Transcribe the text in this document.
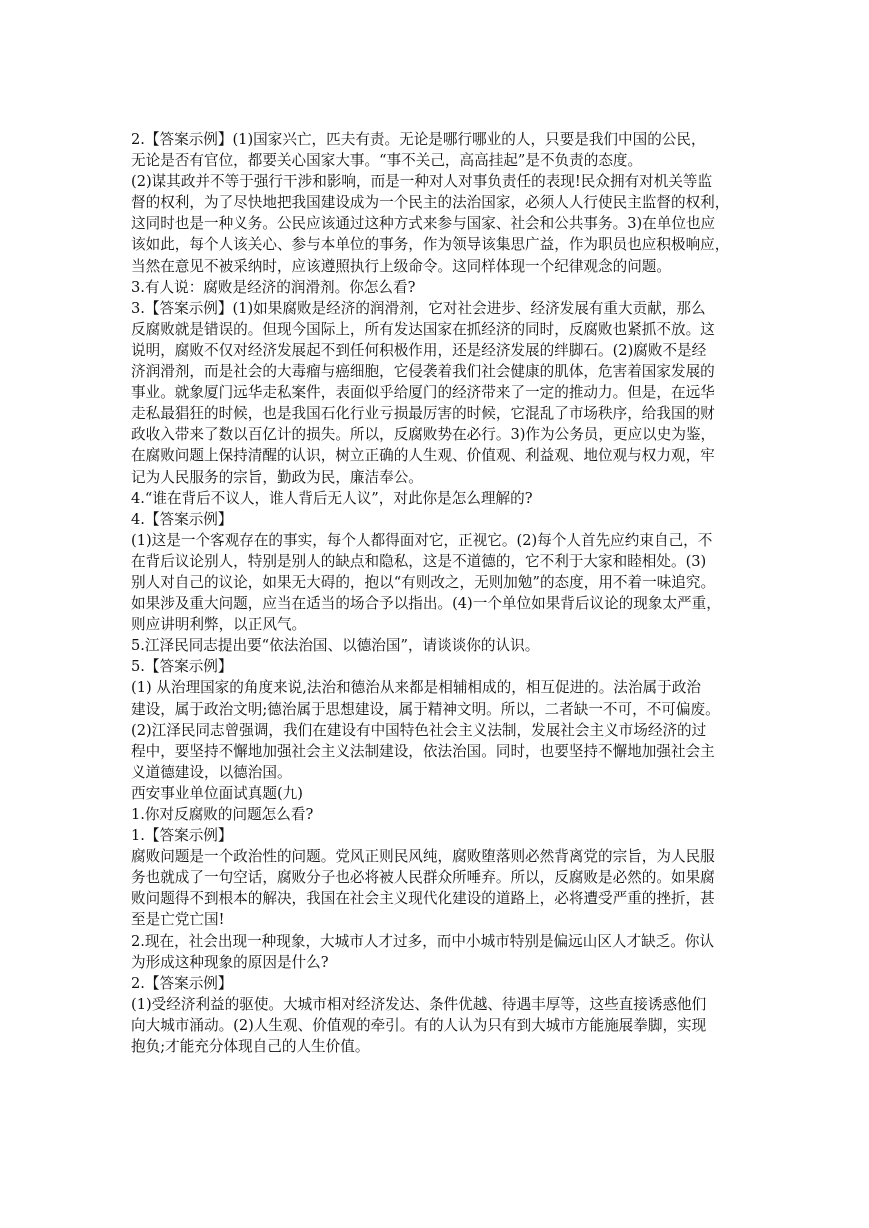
2.【答案示例】(1)国家兴亡，匹夫有责。无论是哪行哪业的人，只要是我们中国的公民，
无论是否有官位，都要关心国家大事。“事不关己，高高挂起”是不负责的态度。
(2)谋其政并不等于强行干涉和影响，而是一种对人对事负责任的表现!民众拥有对机关等监
督的权利，为了尽快地把我国建设成为一个民主的法治国家，必须人人行使民主监督的权利，
这同时也是一种义务。公民应该通过这种方式来参与国家、社会和公共事务。3)在单位也应
该如此，每个人该关心、参与本单位的事务，作为领导该集思广益，作为职员也应积极响应，
当然在意见不被采纳时，应该遵照执行上级命令。这同样体现一个纪律观念的问题。
3.有人说：腐败是经济的润滑剂。你怎么看?
3.【答案示例】(1)如果腐败是经济的润滑剂，它对社会进步、经济发展有重大贡献，那么
反腐败就是错误的。但现今国际上，所有发达国家在抓经济的同时，反腐败也紧抓不放。这
说明，腐败不仅对经济发展起不到任何积极作用，还是经济发展的绊脚石。(2)腐败不是经
济润滑剂，而是社会的大毒瘤与癌细胞，它侵袭着我们社会健康的肌体，危害着国家发展的
事业。就象厦门远华走私案件，表面似乎给厦门的经济带来了一定的推动力。但是，在远华
走私最猖狂的时候，也是我国石化行业亏损最厉害的时候，它混乱了市场秩序，给我国的财
政收入带来了数以百亿计的损失。所以，反腐败势在必行。3)作为公务员，更应以史为鉴，
在腐败问题上保持清醒的认识，树立正确的人生观、价值观、利益观、地位观与权力观，牢
记为人民服务的宗旨，勤政为民，廉洁奉公。
4.“谁在背后不议人，谁人背后无人议”，对此你是怎么理解的?
4.【答案示例】
(1)这是一个客观存在的事实，每个人都得面对它，正视它。(2)每个人首先应约束自己，不
在背后议论别人，特别是别人的缺点和隐私，这是不道德的，它不利于大家和睦相处。(3)
别人对自己的议论，如果无大碍的，抱以“有则改之，无则加勉”的态度，用不着一味追究。
如果涉及重大问题，应当在适当的场合予以指出。(4)一个单位如果背后议论的现象太严重，
则应讲明利弊，以正风气。
5.江泽民同志提出要“依法治国、以德治国”，请谈谈你的认识。
5.【答案示例】
(1) 从治理国家的角度来说,法治和德治从来都是相辅相成的，相互促进的。法治属于政治
建设，属于政治文明;德治属于思想建设，属于精神文明。所以，二者缺一不可，不可偏废。
(2)江泽民同志曾强调，我们在建设有中国特色社会主义法制，发展社会主义市场经济的过
程中，要坚持不懈地加强社会主义法制建设，依法治国。同时，也要坚持不懈地加强社会主
义道德建设，以德治国。
西安事业单位面试真题(九)
1.你对反腐败的问题怎么看?
1.【答案示例】
腐败问题是一个政治性的问题。党风正则民风纯，腐败堕落则必然背离党的宗旨，为人民服
务也就成了一句空话，腐败分子也必将被人民群众所唾弃。所以，反腐败是必然的。如果腐
败问题得不到根本的解决，我国在社会主义现代化建设的道路上，必将遭受严重的挫折，甚
至是亡党亡国!
2.现在，社会出现一种现象，大城市人才过多，而中小城市特别是偏远山区人才缺乏。你认
为形成这种现象的原因是什么?
2.【答案示例】
(1)受经济利益的驱使。大城市相对经济发达、条件优越、待遇丰厚等，这些直接诱惑他们
向大城市涌动。(2)人生观、价值观的牵引。有的人认为只有到大城市方能施展拳脚，实现
抱负;才能充分体现自己的人生价值。
